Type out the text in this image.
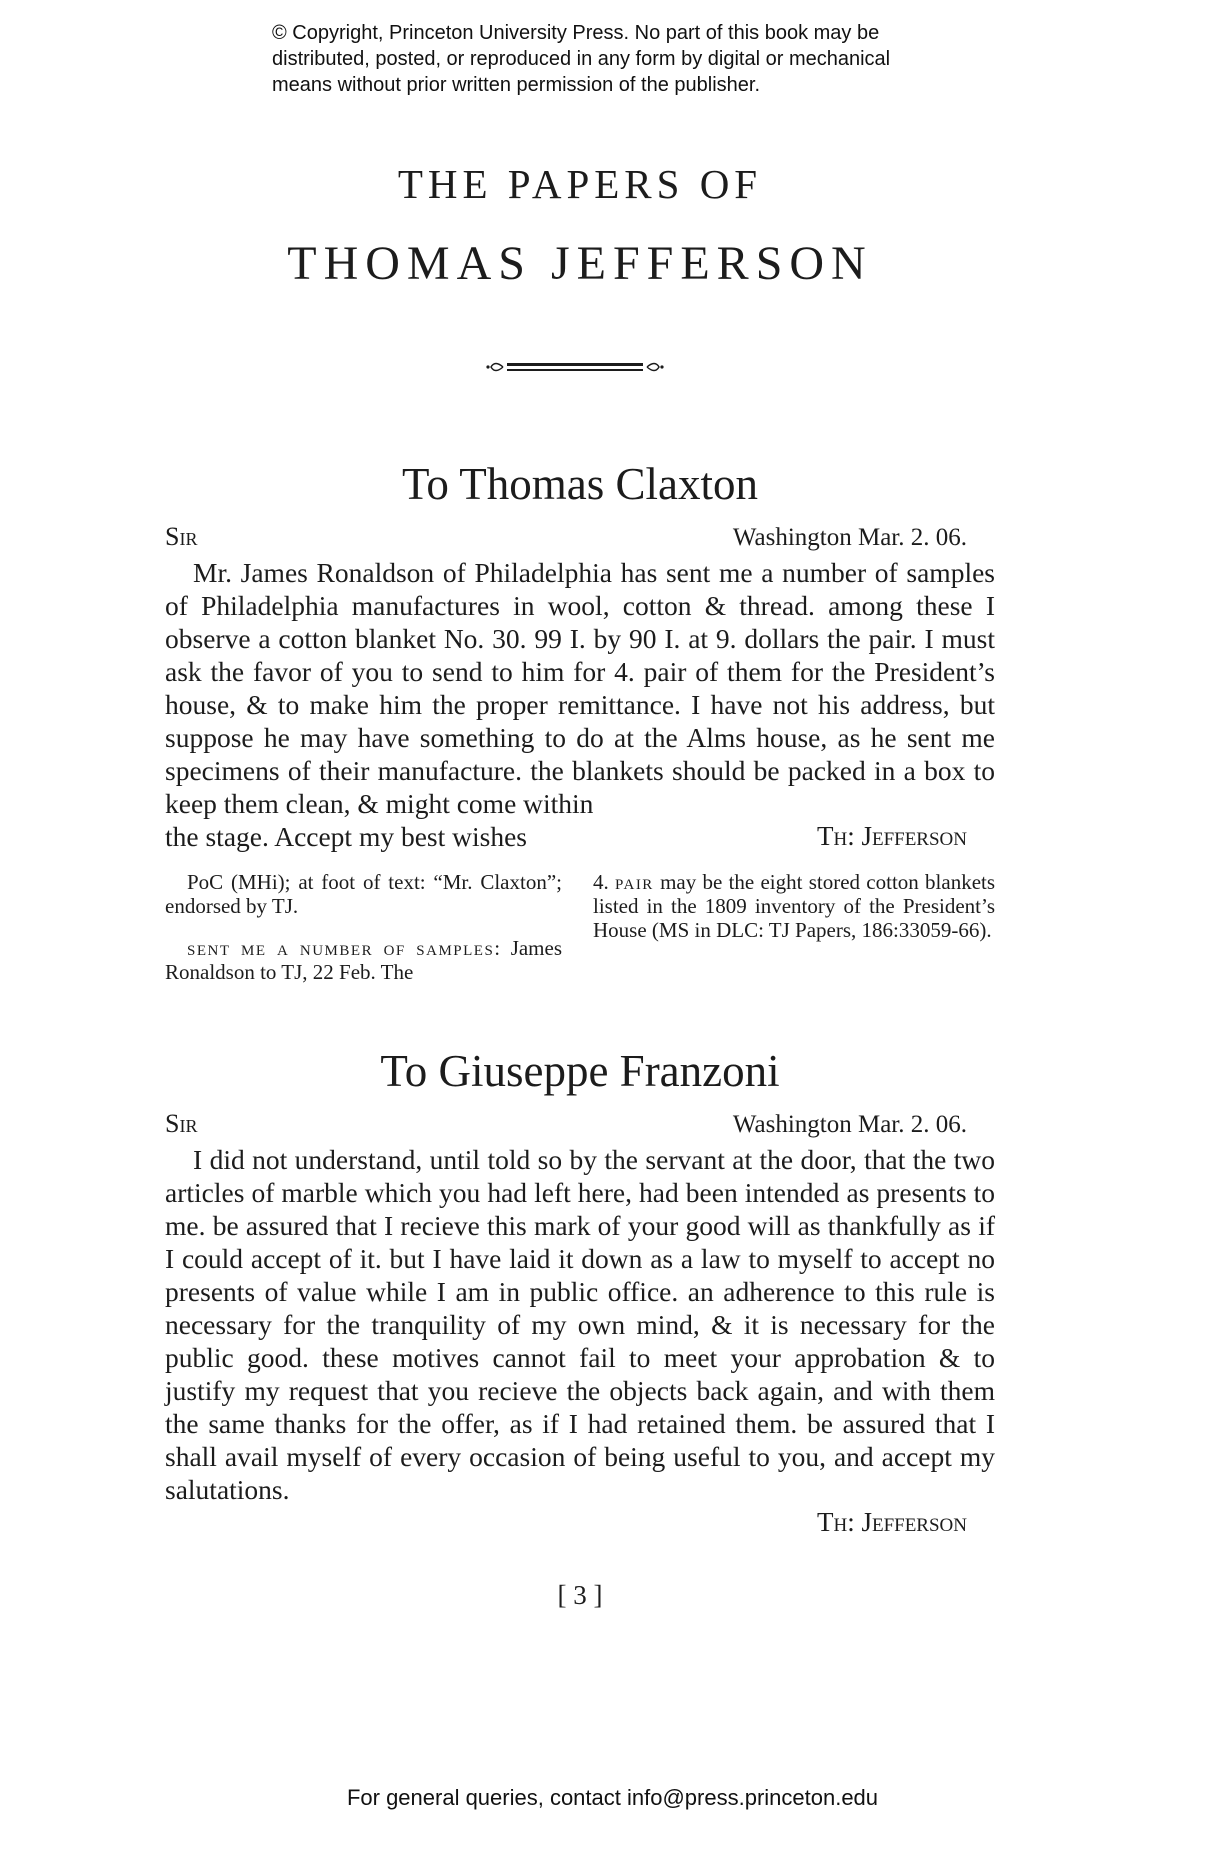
© Copyright, Princeton University Press. No part of this book may be
distributed, posted, or reproduced in any form by digital or mechanical
means without prior written permission of the publisher.
THE PAPERS OF
THOMAS JEFFERSON
To Thomas Claxton
Sir	Washington Mar. 2. 06.

Mr. James Ronaldson of Philadelphia has sent me a number of samples of Philadelphia manufactures in wool, cotton & thread. among these I observe a cotton blanket No. 30. 99 I. by 90 I. at 9. dollars the pair. I must ask the favor of you to send to him for 4. pair of them for the President’s house, & to make him the proper remittance. I have not his address, but suppose he may have something to do at the Alms house, as he sent me specimens of their manufacture. the blankets should be packed in a box to keep them clean, & might come within

the stage. Accept my best wishes	Th: Jefferson

PoC (MHi); at foot of text: “Mr. Claxton”; endorsed by TJ.

sent me a number of samples: James Ronaldson to TJ, 22 Feb. The

4. pair may be the eight stored cotton blankets listed in the 1809 inventory of the President’s House (MS in DLC: TJ Papers, 186:33059-66).

To Giuseppe Franzoni
Sir	Washington Mar. 2. 06.

I did not understand, until told so by the servant at the door, that the two articles of marble which you had left here, had been intended as presents to me. be assured that I recieve this mark of your good will as thankfully as if I could accept of it. but I have laid it down as a law to myself to accept no presents of value while I am in public office. an adherence to this rule is necessary for the tranquility of my own mind, & it is necessary for the public good. these motives cannot fail to meet your approbation & to justify my request that you recieve the objects back again, and with them the same thanks for the offer, as if I had retained them. be assured that I shall avail myself of every occasion of being useful to you, and accept my salutations.

Th: Jefferson
[ 3 ]
For general queries, contact info@press.princeton.edu
